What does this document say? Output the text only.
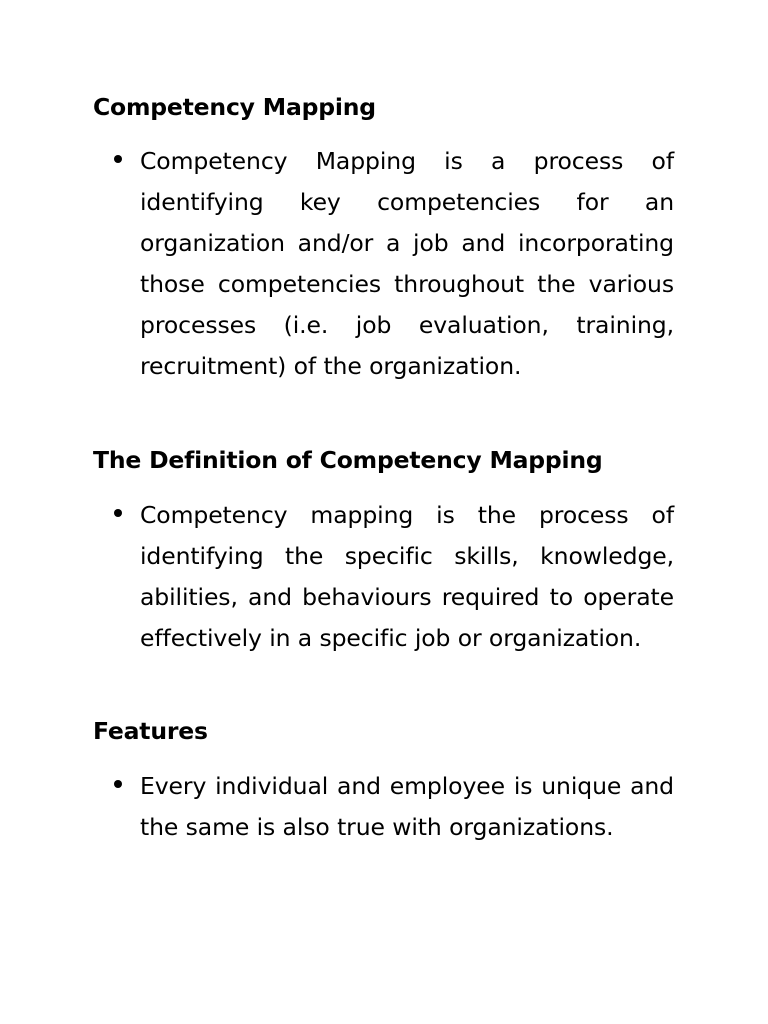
Competency Mapping

Competency Mapping is a process of identifying key competencies for an organization and/or a job and incorporating those competencies throughout the various processes (i.e. job evaluation, training, recruitment) of the organization.

The Definition of Competency Mapping

Competency mapping is the process of identifying the specific skills, knowledge, abilities, and behaviours required to operate effectively in a specific job or organization.

Features

Every individual and employee is unique and the same is also true with organizations.
